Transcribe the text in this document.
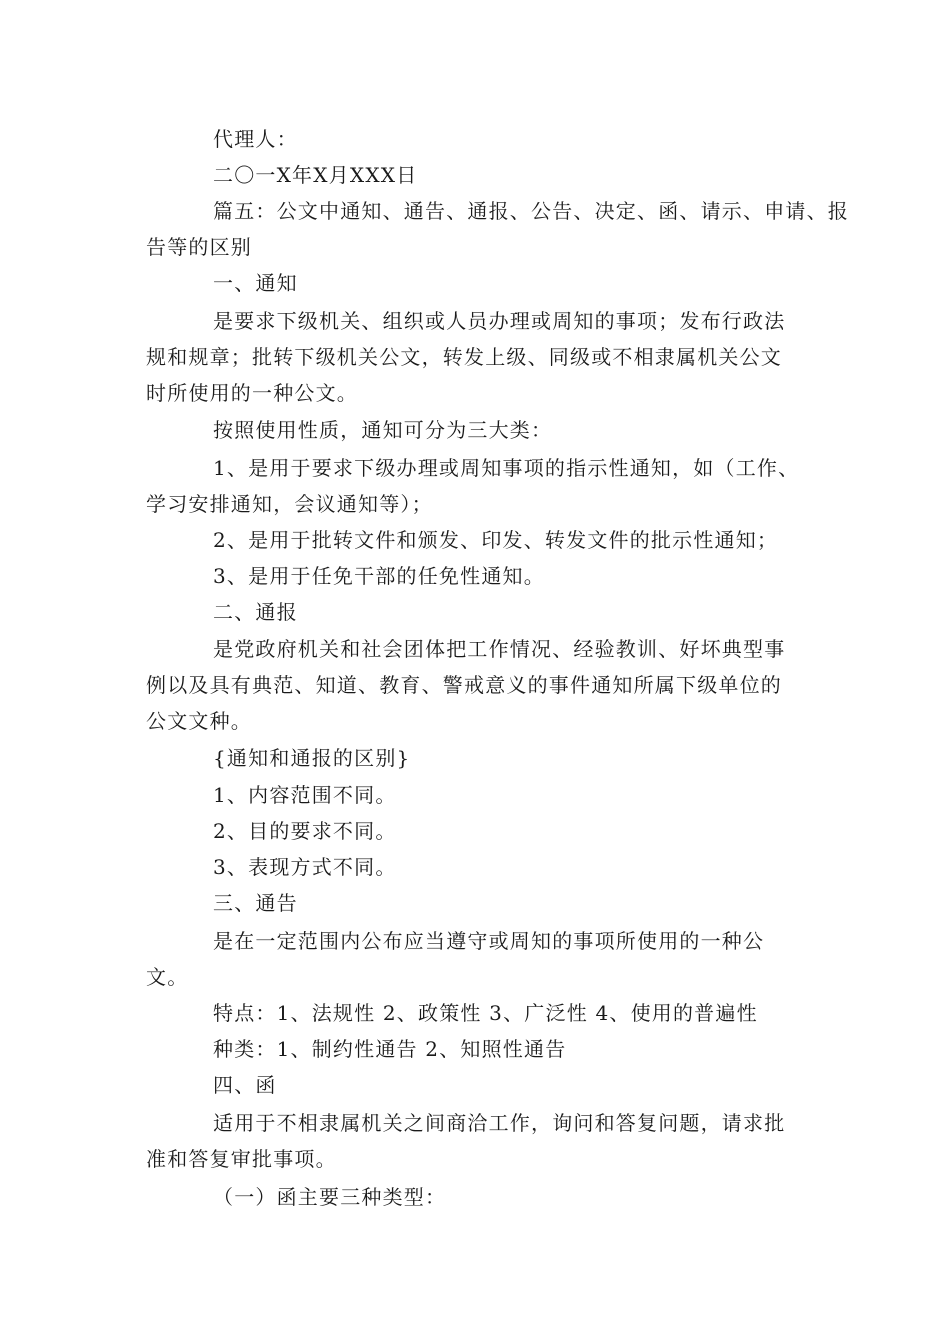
代理人：
二〇一X年X月XXX日
篇五：公文中通知、通告、通报、公告、决定、函、请示、申请、报
告等的区别
一、通知
是要求下级机关、组织或人员办理或周知的事项；发布行政法
规和规章；批转下级机关公文，转发上级、同级或不相隶属机关公文
时所使用的一种公文。
按照使用性质，通知可分为三大类：
1、是用于要求下级办理或周知事项的指示性通知，如（工作、
学习安排通知，会议通知等）；
2、是用于批转文件和颁发、印发、转发文件的批示性通知；
3、是用于任免干部的任免性通知。
二、通报
是党政府机关和社会团体把工作情况、经验教训、好坏典型事
例以及具有典范、知道、教育、警戒意义的事件通知所属下级单位的
公文文种。
{通知和通报的区别}
1、内容范围不同。
2、目的要求不同。
3、表现方式不同。
三、通告
是在一定范围内公布应当遵守或周知的事项所使用的一种公
文。
特点：1、法规性 2、政策性 3、广泛性 4、使用的普遍性
种类：1、制约性通告 2、知照性通告
四、函
适用于不相隶属机关之间商洽工作，询问和答复问题，请求批
准和答复审批事项。
（一）函主要三种类型：
